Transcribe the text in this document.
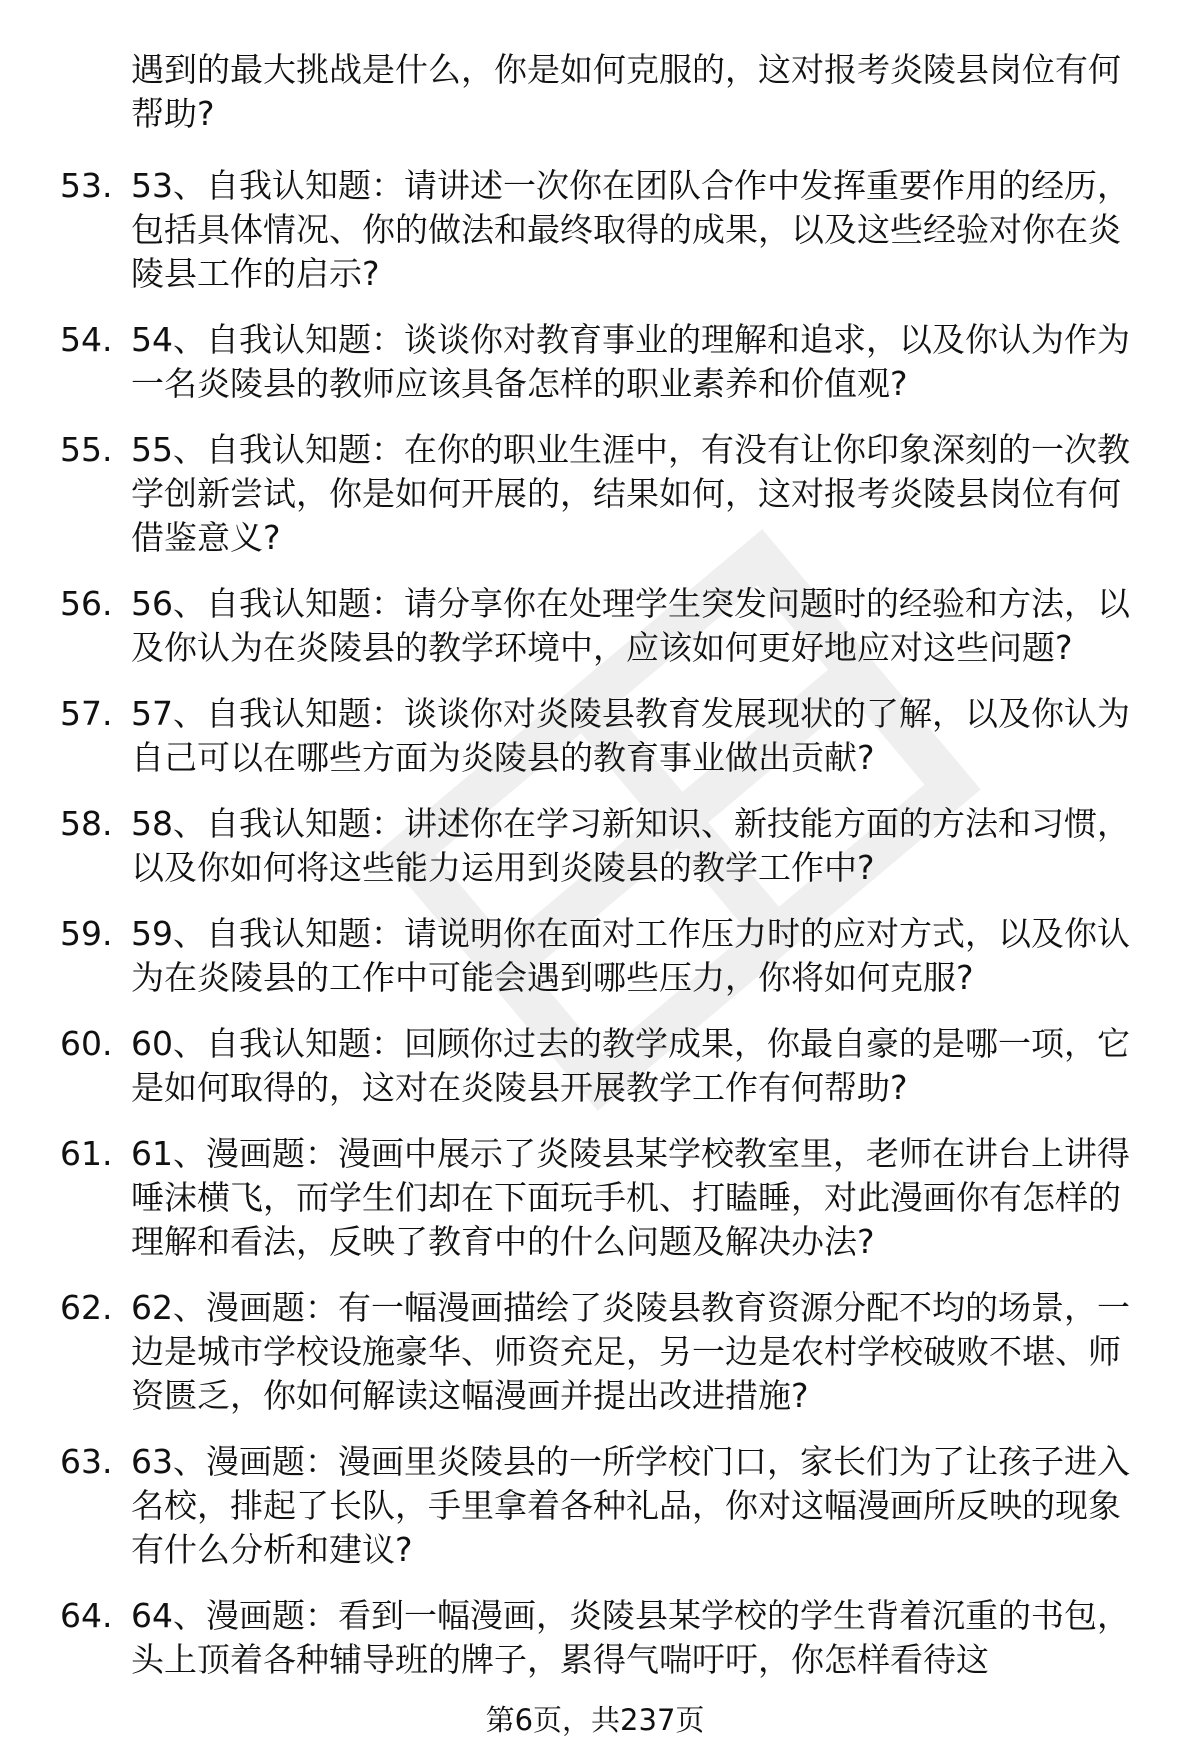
遇到的最大挑战是什么，你是如何克服的，这对报考炎陵县岗位有何帮助?
53. 53、自我认知题：请讲述一次你在团队合作中发挥重要作用的经历，包括具体情况、你的做法和最终取得的成果，以及这些经验对你在炎陵县工作的启示?
54. 54、自我认知题：谈谈你对教育事业的理解和追求，以及你认为作为一名炎陵县的教师应该具备怎样的职业素养和价值观?
55. 55、自我认知题：在你的职业生涯中，有没有让你印象深刻的一次教学创新尝试，你是如何开展的，结果如何，这对报考炎陵县岗位有何借鉴意义?
56. 56、自我认知题：请分享你在处理学生突发问题时的经验和方法，以及你认为在炎陵县的教学环境中，应该如何更好地应对这些问题?
57. 57、自我认知题：谈谈你对炎陵县教育发展现状的了解，以及你认为自己可以在哪些方面为炎陵县的教育事业做出贡献?
58. 58、自我认知题：讲述你在学习新知识、新技能方面的方法和习惯，以及你如何将这些能力运用到炎陵县的教学工作中?
59. 59、自我认知题：请说明你在面对工作压力时的应对方式，以及你认为在炎陵县的工作中可能会遇到哪些压力，你将如何克服?
60. 60、自我认知题：回顾你过去的教学成果，你最自豪的是哪一项，它是如何取得的，这对在炎陵县开展教学工作有何帮助?
61. 61、漫画题：漫画中展示了炎陵县某学校教室里，老师在讲台上讲得唾沫横飞，而学生们却在下面玩手机、打瞌睡，对此漫画你有怎样的理解和看法，反映了教育中的什么问题及解决办法?
62. 62、漫画题：有一幅漫画描绘了炎陵县教育资源分配不均的场景，一边是城市学校设施豪华、师资充足，另一边是农村学校破败不堪、师资匮乏，你如何解读这幅漫画并提出改进措施?
63. 63、漫画题：漫画里炎陵县的一所学校门口，家长们为了让孩子进入名校，排起了长队，手里拿着各种礼品，你对这幅漫画所反映的现象有什么分析和建议?
64. 64、漫画题：看到一幅漫画，炎陵县某学校的学生背着沉重的书包，头上顶着各种辅导班的牌子，累得气喘吁吁，你怎样看待这
第6页，共237页
